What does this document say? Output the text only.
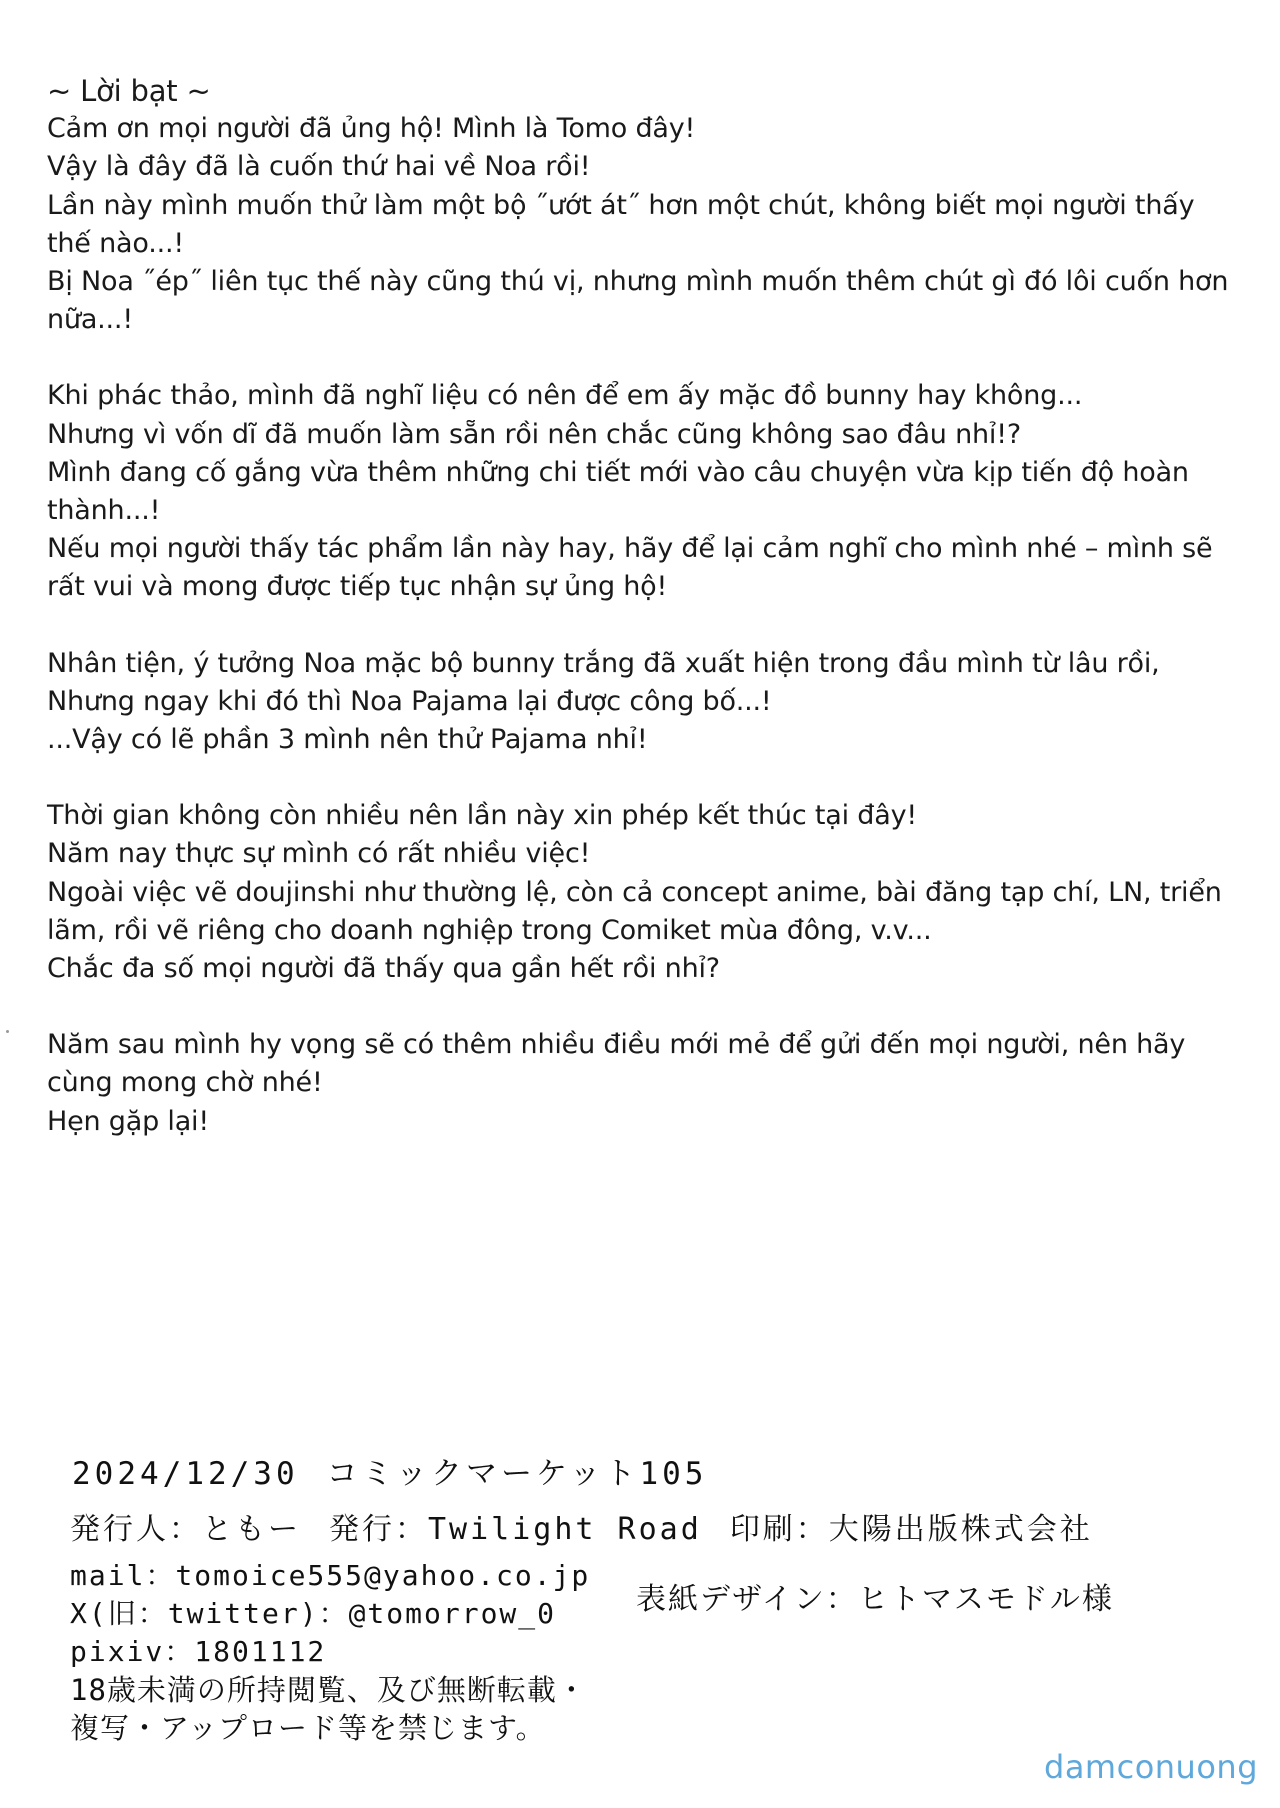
~ Lời bạt ~

Cảm ơn mọi người đã ủng hộ! Mình là Tomo đây!

Vậy là đây đã là cuốn thứ hai về Noa rồi!

Lần này mình muốn thử làm một bộ ˝ướt át˝ hơn một chút, không biết mọi người thấy thế nào...!

Bị Noa ˝ép˝ liên tục thế này cũng thú vị, nhưng mình muốn thêm chút gì đó lôi cuốn hơn nữa...!

Khi phác thảo, mình đã nghĩ liệu có nên để em ấy mặc đồ bunny hay không...

Nhưng vì vốn dĩ đã muốn làm sẵn rồi nên chắc cũng không sao đâu nhỉ!?

Mình đang cố gắng vừa thêm những chi tiết mới vào câu chuyện vừa kịp tiến độ hoàn thành...!

Nếu mọi người thấy tác phẩm lần này hay, hãy để lại cảm nghĩ cho mình nhé – mình sẽ rất vui và mong được tiếp tục nhận sự ủng hộ!

Nhân tiện, ý tưởng Noa mặc bộ bunny trắng đã xuất hiện trong đầu mình từ lâu rồi,

Nhưng ngay khi đó thì Noa Pajama lại được công bố...!

...Vậy có lẽ phần 3 mình nên thử Pajama nhỉ!

Thời gian không còn nhiều nên lần này xin phép kết thúc tại đây!

Năm nay thực sự mình có rất nhiều việc!

Ngoài việc vẽ doujinshi như thường lệ, còn cả concept anime, bài đăng tạp chí, LN, triển lãm, rồi vẽ riêng cho doanh nghiệp trong Comiket mùa đông, v.v...

Chắc đa số mọi người đã thấy qua gần hết rồi nhỉ?

Năm sau mình hy vọng sẽ có thêm nhiều điều mới mẻ để gửi đến mọi người, nên hãy cùng mong chờ nhé!

Hẹn gặp lại!

2024/12/30 コミックマーケット105
発行人：ともー 発行：Twilight Road 印刷：大陽出版株式会社
mail：tomoice555@yahoo.co.jp
表紙デザイン：ヒトマスモドル様
X(旧：twitter)：@tomorrow_0
pixiv：1801112
18歳未満の所持閲覧、及び無断転載・
複写・アップロード等を禁じます。
damconuong
